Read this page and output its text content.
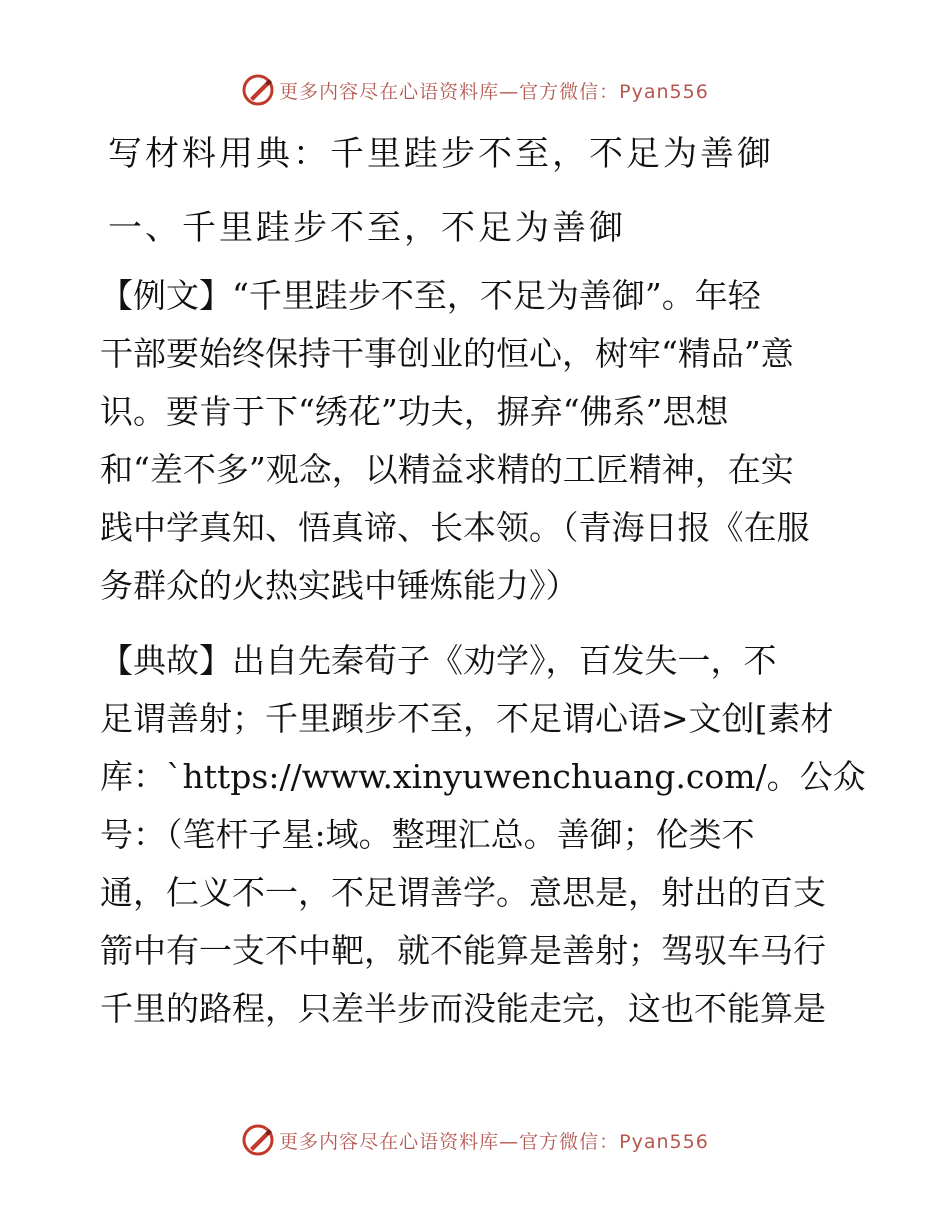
更多内容尽在心语资料库—官方微信：Pyan556
写材料用典：千里跬步不至，不足为善御
一、千里跬步不至，不足为善御
【例文】“千里跬步不至，不足为善御”。年轻
干部要始终保持干事创业的恒心，树牢“精品”意
识。要肯于下“绣花”功夫，摒弃“佛系”思想
和“差不多”观念，以精益求精的工匠精神，在实
践中学真知、悟真谛、长本领。（青海日报《在服
务群众的火热实践中锤炼能力》）
【典故】出自先秦荀子《劝学》，百发失一，不
足谓善射；千里蹞步不至，不足谓心语>文创[素材
库：`https://www.xinyuwenchuang.com/。公众
号：（笔杆子星:域。整理汇总。善御；伦类不
通，仁义不一，不足谓善学。意思是，射出的百支
箭中有一支不中靶，就不能算是善射；驾驭车马行
千里的路程，只差半步而没能走完，这也不能算是
更多内容尽在心语资料库—官方微信：Pyan556
